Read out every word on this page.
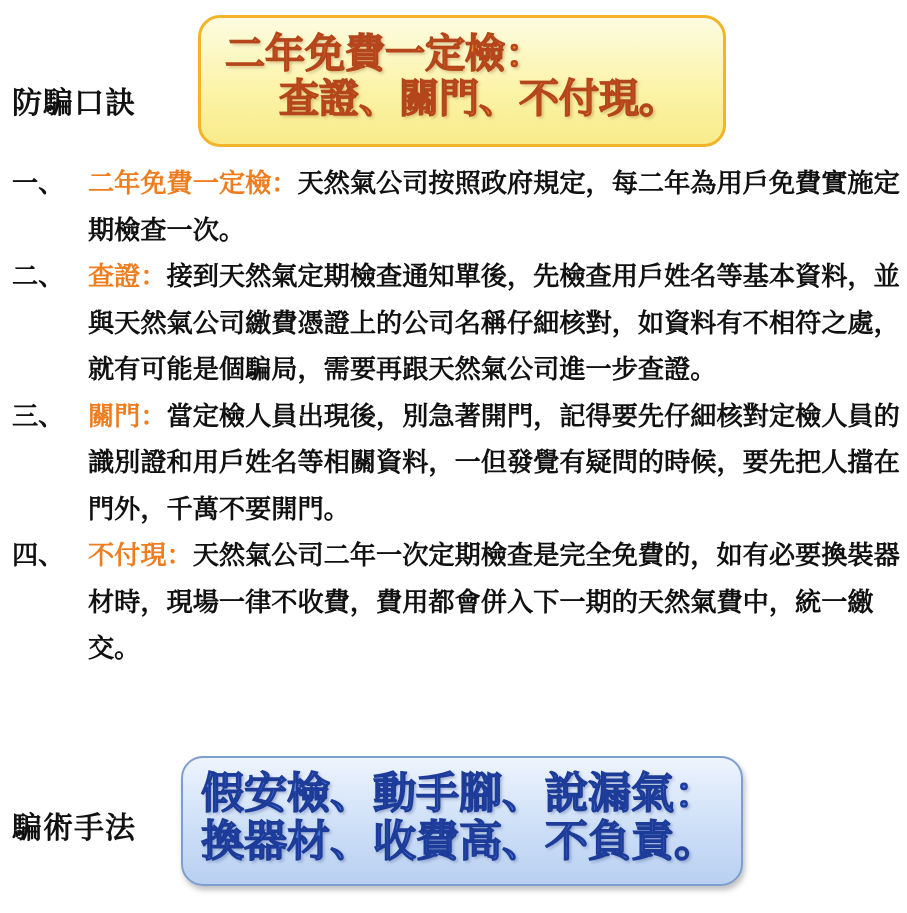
防騙口訣
二年免費一定檢：
查證、關門、不付現。
一、 二年免費一定檢：天然氣公司按照政府規定，每二年為用戶免費實施定期檢查一次。
二、 查證：接到天然氣定期檢查通知單後，先檢查用戶姓名等基本資料，並與天然氣公司繳費憑證上的公司名稱仔細核對，如資料有不相符之處，就有可能是個騙局，需要再跟天然氣公司進一步查證。
三、 關門：當定檢人員出現後，別急著開門，記得要先仔細核對定檢人員的識別證和用戶姓名等相關資料，一但發覺有疑問的時候，要先把人擋在門外，千萬不要開門。
四、 不付現：天然氣公司二年一次定期檢查是完全免費的，如有必要換裝器材時，現場一律不收費，費用都會併入下一期的天然氣費中，統一繳交。
騙術手法
假安檢、動手腳、說漏氣：
換器材、收費高、不負責。
